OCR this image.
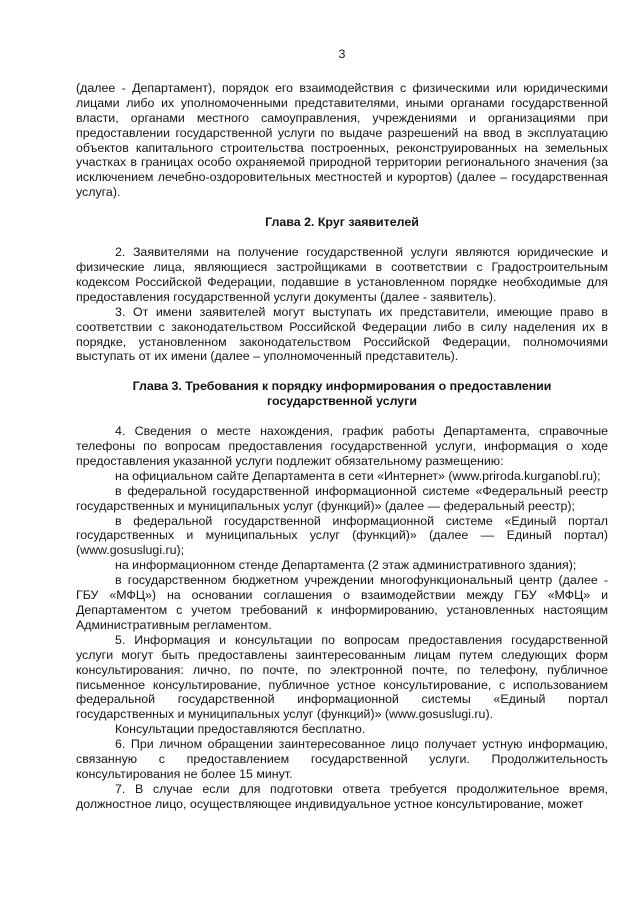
3

(далее - Департамент), порядок его взаимодействия с физическими или юридическими лицами либо их уполномоченными представителями, иными органами государственной власти, органами местного самоуправления, учреждениями и организациями при предоставлении государственной услуги по выдаче разрешений на ввод в эксплуатацию объектов капитального строительства построенных, реконструированных на земельных участках в границах особо охраняемой природной территории регионального значения (за исключением лечебно-оздоровительных местностей и курортов) (далее – государственная услуга).

Глава 2. Круг заявителей

2. Заявителями на получение государственной услуги являются юридические и физические лица, являющиеся застройщиками в соответствии с Градостроительным кодексом Российской Федерации, подавшие в установленном порядке необходимые для предоставления государственной услуги документы (далее - заявитель).

3. От имени заявителей могут выступать их представители, имеющие право в соответствии с законодательством Российской Федерации либо в силу наделения их в порядке, установленном законодательством Российской Федерации, полномочиями выступать от их имени (далее – уполномоченный представитель).

Глава 3. Требования к порядку информирования о предоставлении
государственной услуги

4. Сведения о месте нахождения, график работы Департамента, справочные телефоны по вопросам предоставления государственной услуги, информация о ходе предоставления указанной услуги подлежит обязательному размещению:

на официальном сайте Департамента в сети «Интернет» (www.priroda.kurganobl.ru);

в федеральной государственной информационной системе «Федеральный реестр государственных и муниципальных услуг (функций)» (далее — федеральный реестр);

в федеральной государственной информационной системе «Единый портал государственных и муниципальных услуг (функций)» (далее –– Единый портал) (www.gosuslugi.ru);

на информационном стенде Департамента (2 этаж административного здания);

в государственном бюджетном учреждении многофункциональный центр (далее - ГБУ «МФЦ») на основании соглашения о взаимодействии между ГБУ «МФЦ» и Департаментом с учетом требований к информированию, установленных настоящим Административным регламентом.

5. Информация и консультации по вопросам предоставления государственной услуги могут быть предоставлены заинтересованным лицам путем следующих форм консультирования: лично, по почте, по электронной почте, по телефону, публичное письменное консультирование, публичное устное консультирование, с использованием федеральной государственной информационной системы «Единый портал государственных и муниципальных услуг (функций)» (www.gosuslugi.ru).

Консультации предоставляются бесплатно.

6. При личном обращении заинтересованное лицо получает устную информацию, связанную с предоставлением государственной услуги. Продолжительность консультирования не более 15 минут.

7. В случае если для подготовки ответа требуется продолжительное время, должностное лицо, осуществляющее индивидуальное устное консультирование, может
